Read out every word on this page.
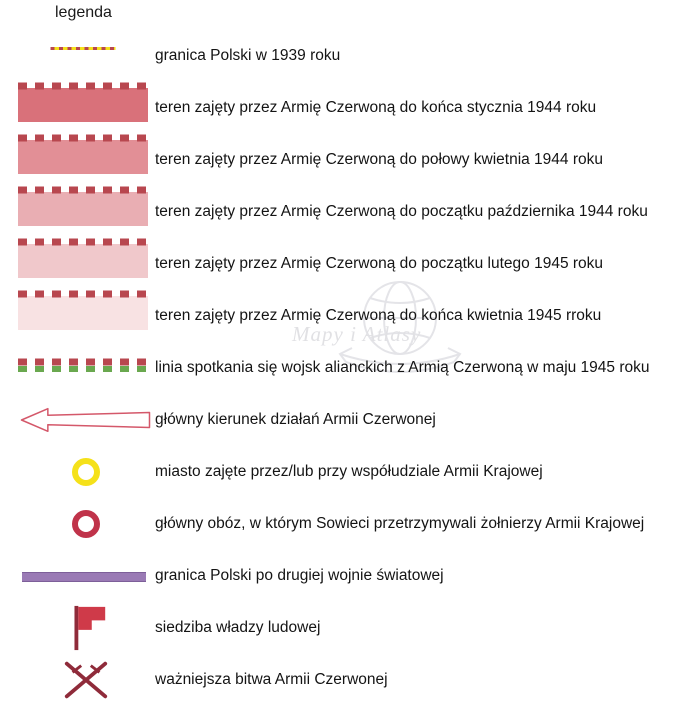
Mapy i Atlasy
legenda
granica Polski w 1939 roku
teren zajęty przez Armię Czerwoną do końca stycznia 1944 roku
teren zajęty przez Armię Czerwoną do połowy kwietnia 1944 roku
teren zajęty przez Armię Czerwoną do początku października 1944 roku
teren zajęty przez Armię Czerwoną do początku lutego 1945 roku
teren zajęty przez Armię Czerwoną do końca kwietnia 1945 rroku
linia spotkania się wojsk alianckich z Armią Czerwoną w maju 1945 roku
główny kierunek działań Armii Czerwonej
miasto zajęte przez/lub przy współudziale Armii Krajowej
główny obóz, w którym Sowieci przetrzymywali żołnierzy Armii Krajowej
granica Polski po drugiej wojnie światowej
siedziba władzy ludowej
ważniejsza bitwa Armii Czerwonej
